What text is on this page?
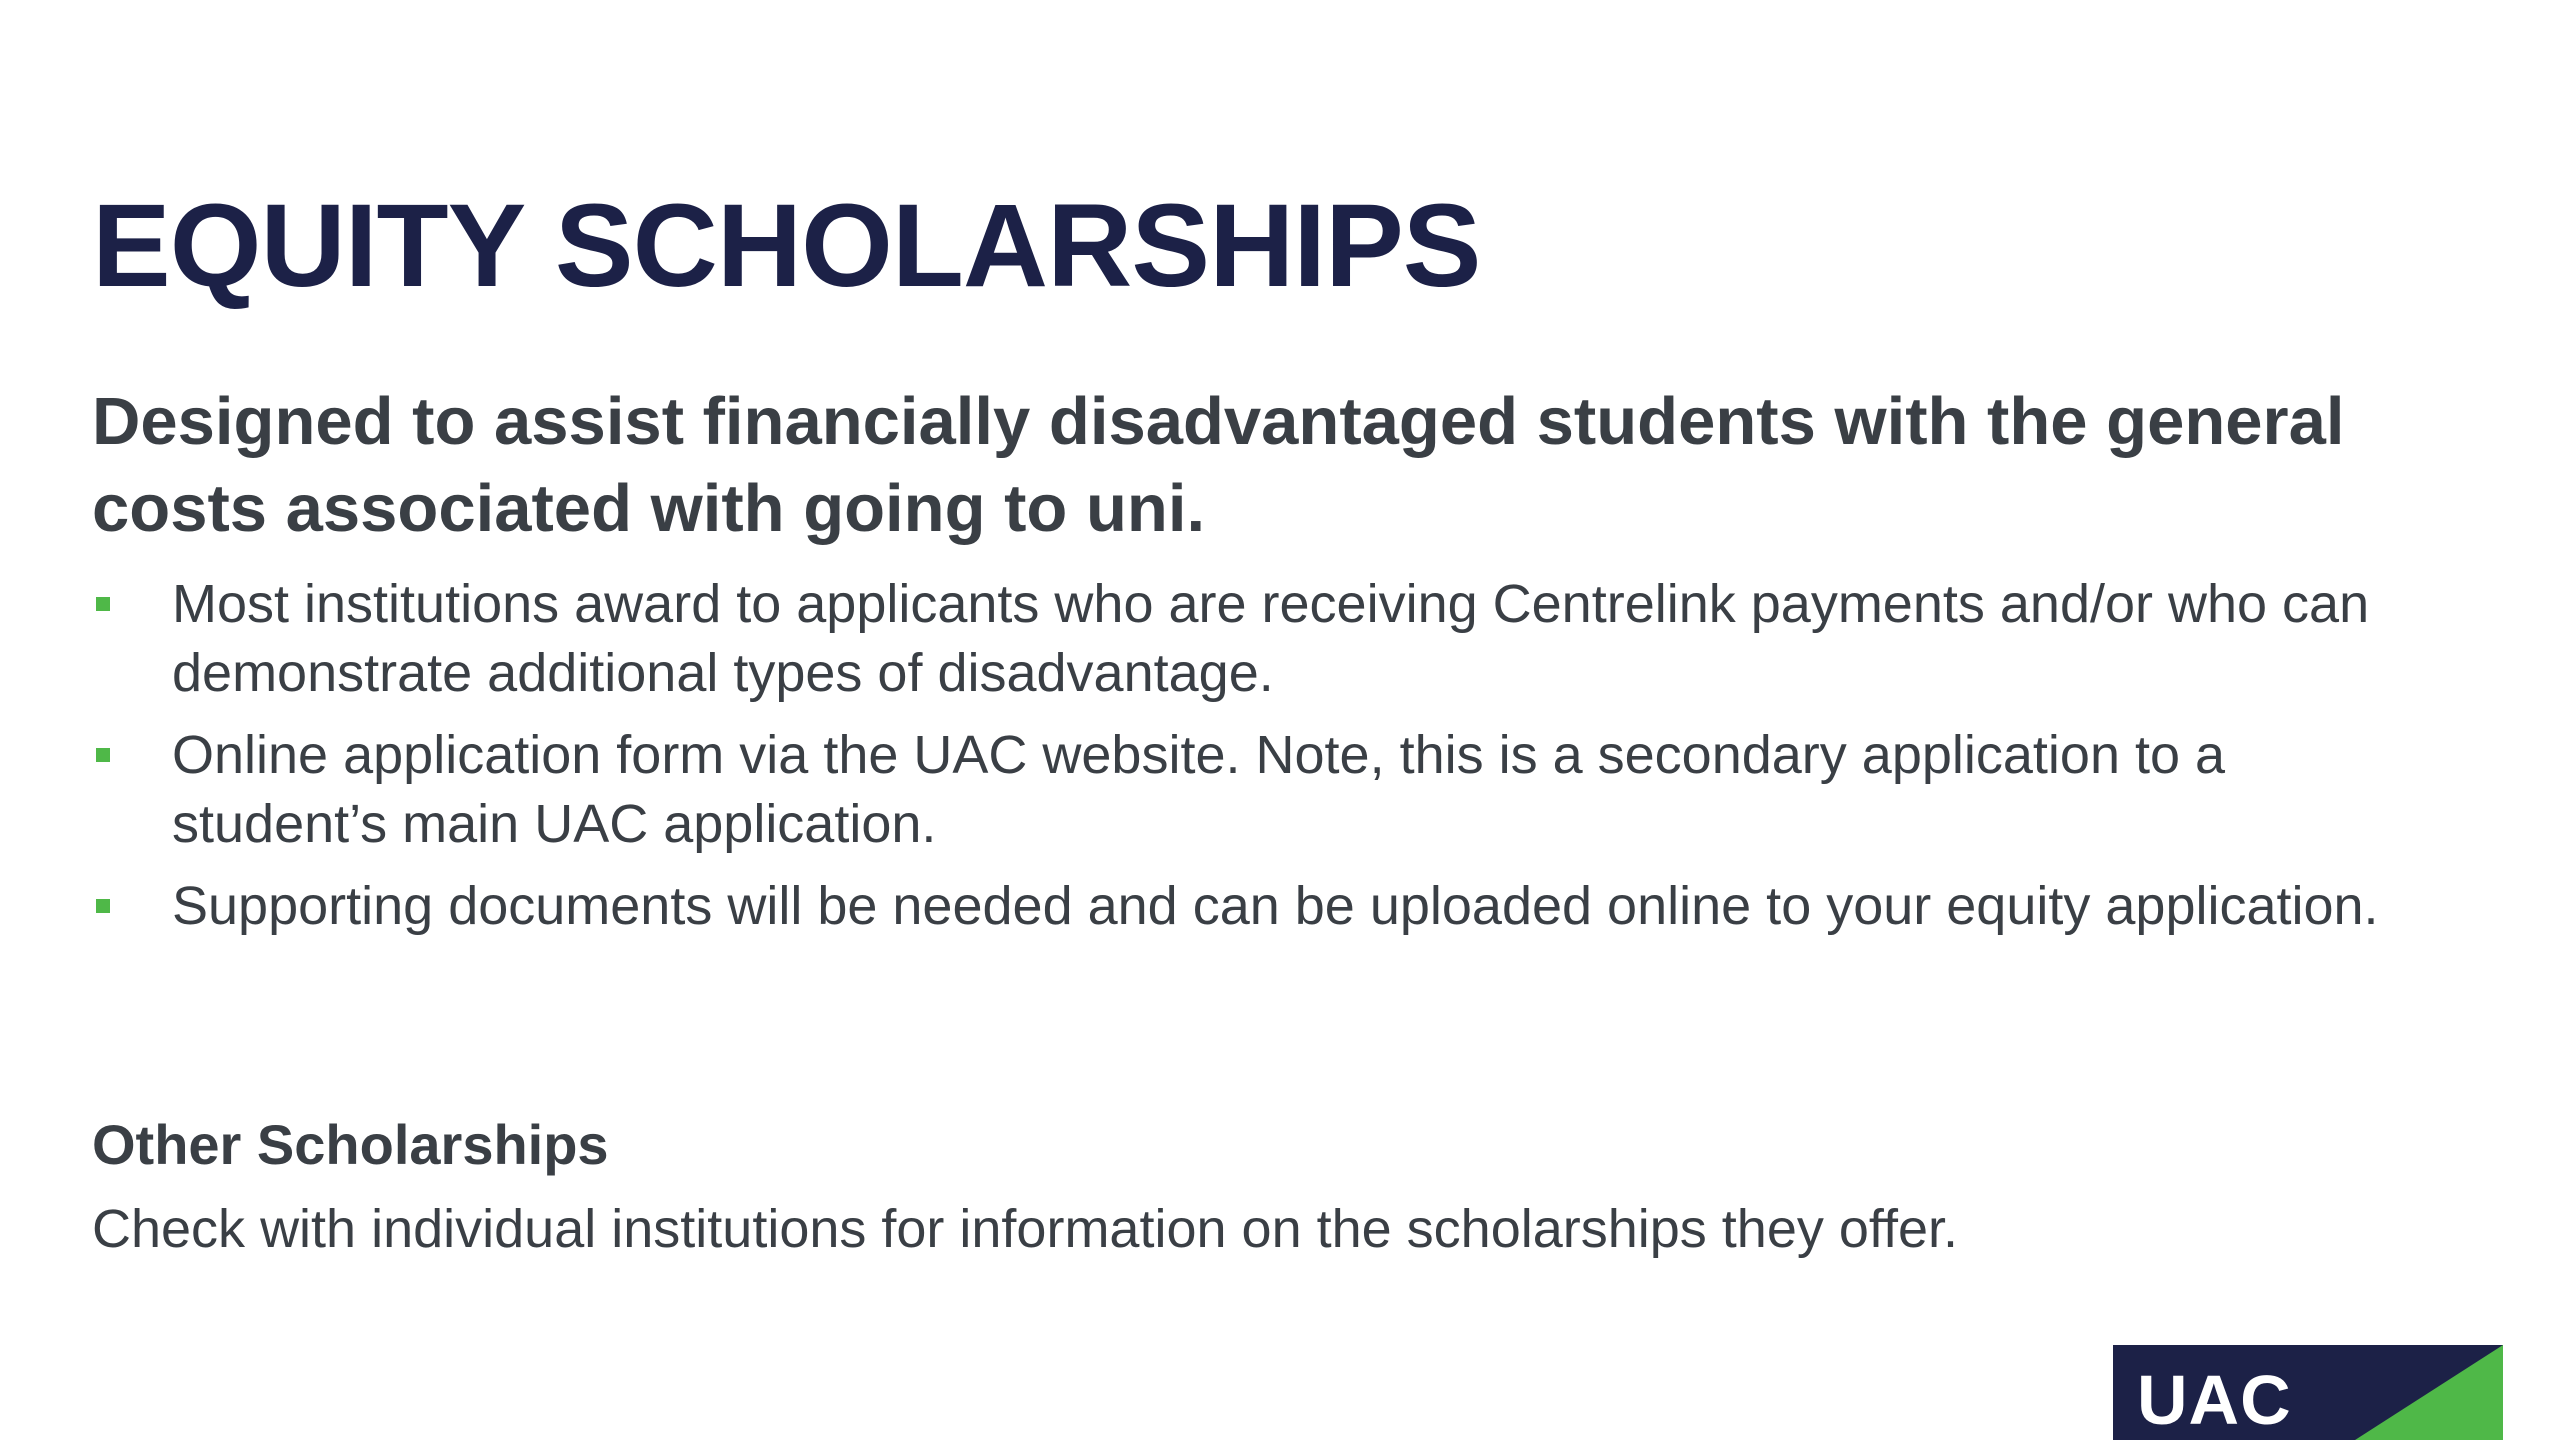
EQUITY SCHOLARSHIPS

Designed to assist financially disadvantaged students with the general costs associated with going to uni.

Most institutions award to applicants who are receiving Centrelink payments and/or who can demonstrate additional types of disadvantage.
Online application form via the UAC website. Note, this is a secondary application to a student’s main UAC application.
Supporting documents will be needed and can be uploaded online to your equity application.
Other Scholarships

Check with individual institutions for information on the scholarships they offer.

UAC
